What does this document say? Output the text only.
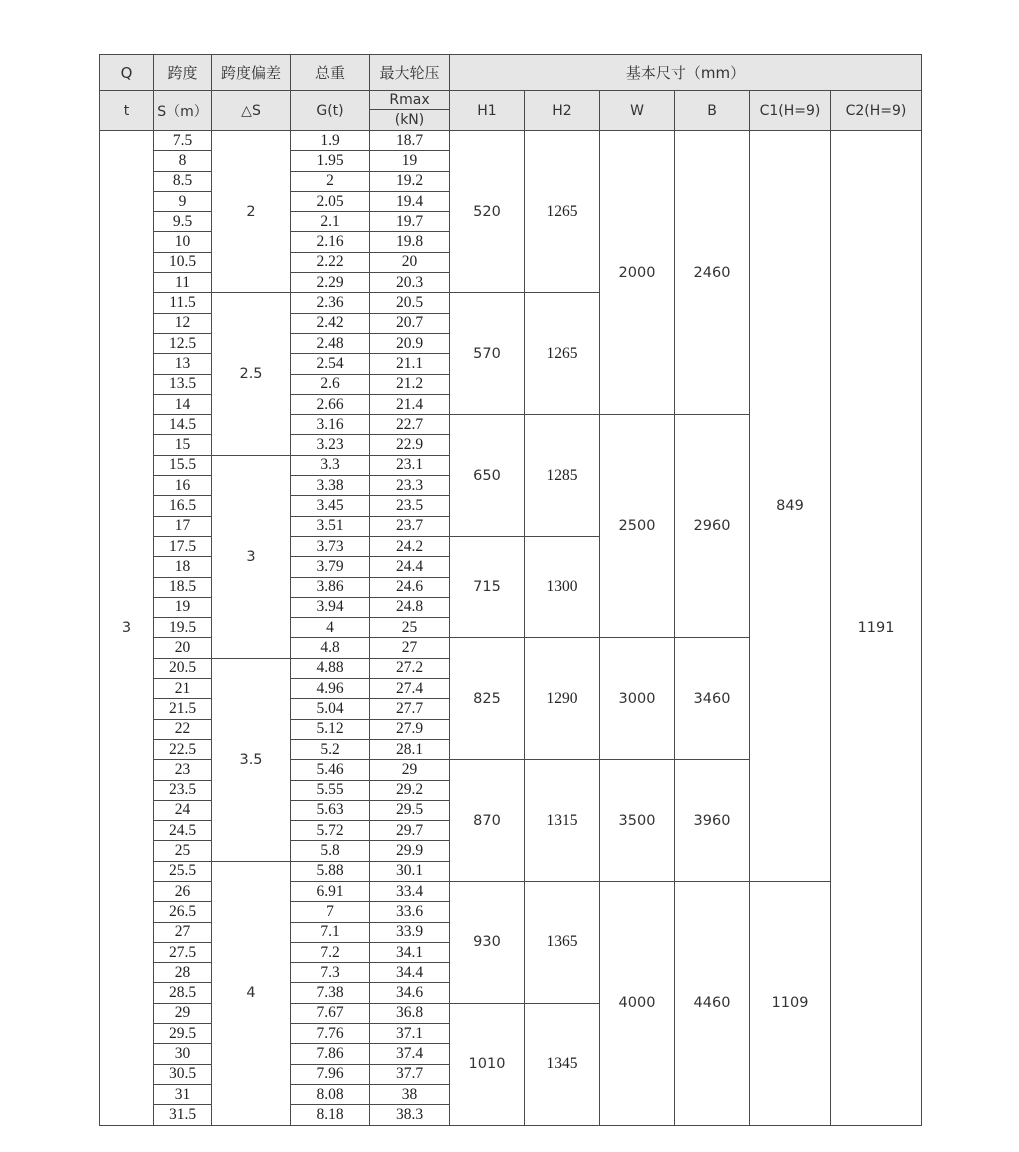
Q	跨度	跨度偏差	总重	最大轮压	基本尺寸（mm）					
t	S（m）	△S	G(t)	Rmax	H1	H2	W	B	C1(H=9)	C2(H=9)
				(kN)						
3	7.5	2	1.9	18.7	520	1265	2000	2460	849	1191
	8		1.95	19						
	8.5		2	19.2						
	9		2.05	19.4						
	9.5		2.1	19.7						
	10		2.16	19.8						
	10.5		2.22	20						
	11		2.29	20.3						
	11.5	2.5	2.36	20.5	570	1265				
	12		2.42	20.7						
	12.5		2.48	20.9						
	13		2.54	21.1						
	13.5		2.6	21.2						
	14		2.66	21.4						
	14.5		3.16	22.7	650	1285	2500	2960		
	15		3.23	22.9						
	15.5	3	3.3	23.1						
	16		3.38	23.3						
	16.5		3.45	23.5						
	17		3.51	23.7						
	17.5		3.73	24.2	715	1300				
	18		3.79	24.4						
	18.5		3.86	24.6						
	19		3.94	24.8						
	19.5		4	25						
	20		4.8	27	825	1290	3000	3460		
	20.5	3.5	4.88	27.2						
	21		4.96	27.4						
	21.5		5.04	27.7						
	22		5.12	27.9						
	22.5		5.2	28.1						
	23		5.46	29	870	1315	3500	3960		
	23.5		5.55	29.2						
	24		5.63	29.5						
	24.5		5.72	29.7						
	25		5.8	29.9						
	25.5	4	5.88	30.1						
	26		6.91	33.4	930	1365	4000	4460	1109	
	26.5		7	33.6						
	27		7.1	33.9						
	27.5		7.2	34.1						
	28		7.3	34.4						
	28.5		7.38	34.6						
	29		7.67	36.8	1010	1345				
	29.5		7.76	37.1						
	30		7.86	37.4						
	30.5		7.96	37.7						
	31		8.08	38						
	31.5		8.18	38.3						
